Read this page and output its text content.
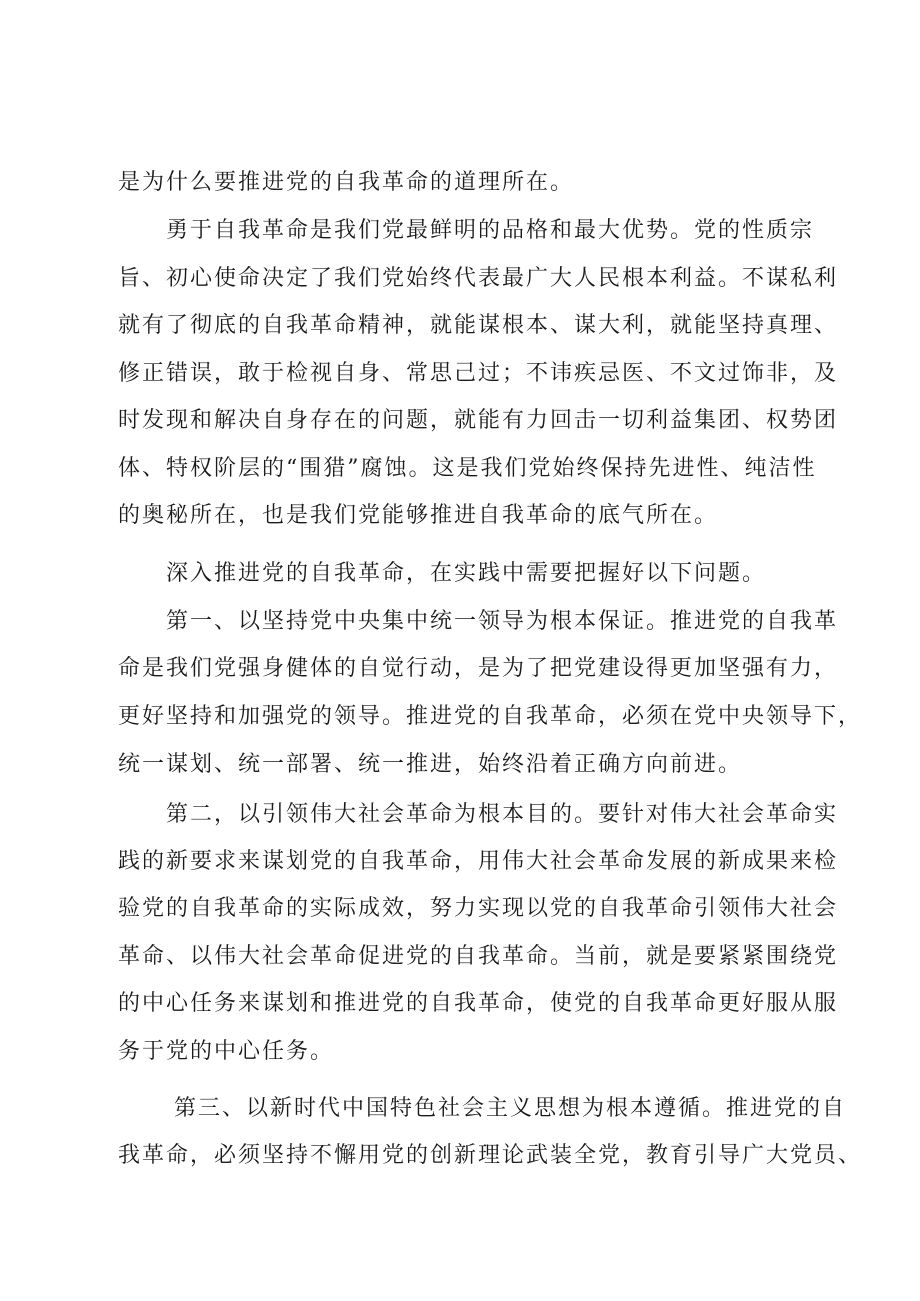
是为什么要推进党的自我革命的道理所在。
勇于自我革命是我们党最鲜明的品格和最大优势。党的性质宗
旨、初心使命决定了我们党始终代表最广大人民根本利益。不谋私利
就有了彻底的自我革命精神，就能谋根本、谋大利，就能坚持真理、
修正错误，敢于检视自身、常思己过；不讳疾忌医、不文过饰非，及
时发现和解决自身存在的问题，就能有力回击一切利益集团、权势团
体、特权阶层的“围猎”腐蚀。这是我们党始终保持先进性、纯洁性
的奥秘所在，也是我们党能够推进自我革命的底气所在。
深入推进党的自我革命，在实践中需要把握好以下问题。
第一、以坚持党中央集中统一领导为根本保证。推进党的自我革
命是我们党强身健体的自觉行动，是为了把党建设得更加坚强有力，
更好坚持和加强党的领导。推进党的自我革命，必须在党中央领导下，
统一谋划、统一部署、统一推进，始终沿着正确方向前进。
第二，以引领伟大社会革命为根本目的。要针对伟大社会革命实
践的新要求来谋划党的自我革命，用伟大社会革命发展的新成果来检
验党的自我革命的实际成效，努力实现以党的自我革命引领伟大社会
革命、以伟大社会革命促进党的自我革命。当前，就是要紧紧围绕党
的中心任务来谋划和推进党的自我革命，使党的自我革命更好服从服
务于党的中心任务。
第三、以新时代中国特色社会主义思想为根本遵循。推进党的自
我革命，必须坚持不懈用党的创新理论武装全党，教育引导广大党员、
